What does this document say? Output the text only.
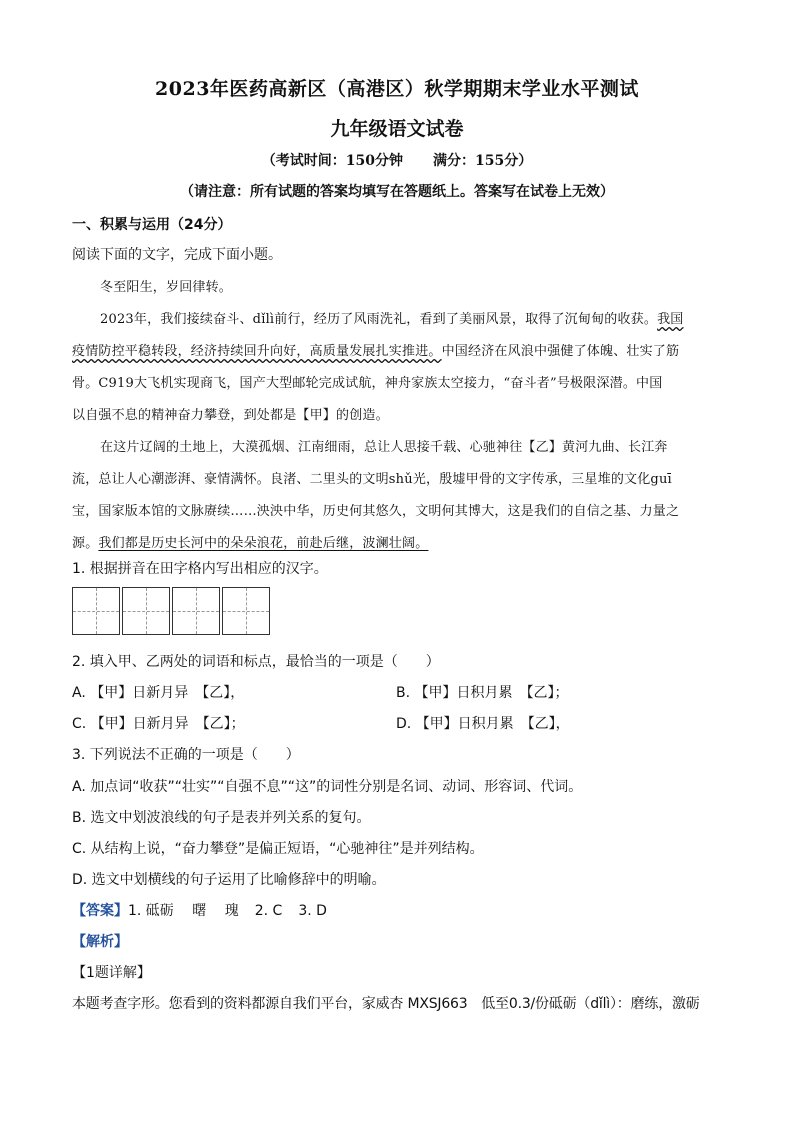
2023年医药高新区（高港区）秋学期期末学业水平测试
九年级语文试卷
（考试时间：150分钟 满分：155分）
（请注意：所有试题的答案均填写在答题纸上。答案写在试卷上无效）
一、积累与运用（24分）
阅读下面的文字，完成下面小题。
冬至阳生，岁回律转。
2023年，我们接续奋斗、dǐlì前行，经历了风雨洗礼，看到了美丽风景，取得了沉甸甸的收获。我国
疫情防控平稳转段，经济持续回升向好，高质量发展扎实推进。中国经济在风浪中强健了体魄、壮实了筋
骨。C919大飞机实现商飞，国产大型邮轮完成试航，神舟家族太空接力，“奋斗者”号极限深潜。中国
以自强不息的精神奋力攀登，到处都是【甲】的创造。
在这片辽阔的土地上，大漠孤烟、江南细雨，总让人思接千载、心驰神往【乙】黄河九曲、长江奔
流，总让人心潮澎湃、豪情满怀。良渚、二里头的文明shǔ光，殷墟甲骨的文字传承，三星堆的文化guī
宝，国家版本馆的文脉赓续……泱泱中华，历史何其悠久，文明何其博大，这是我们的自信之基、力量之
源。我们都是历史长河中的朵朵浪花，前赴后继，波澜壮阔。
1. 根据拼音在田字格内写出相应的汉字。
2. 填入甲、乙两处的词语和标点，最恰当的一项是（　　）
A. 【甲】日新月异　【乙】，	B. 【甲】日积月累　【乙】；
C. 【甲】日新月异　【乙】；	D. 【甲】日积月累　【乙】，
3. 下列说法不正确的一项是（　　）
A. 加点词“收获”“壮实”“自强不息”“这”的词性分别是名词、动词、形容词、代词。
B. 选文中划波浪线的句子是表并列关系的复句。
C. 从结构上说，“奋力攀登”是偏正短语，“心驰神往”是并列结构。
D. 选文中划横线的句子运用了比喻修辞中的明喻。
【答案】1. 砥砺　 曙　 瑰 2. C 3. D
【解析】
【1题详解】
本题考查字形。您看到的资料都源自我们平台，家威杏 MXSJ663　低至0.3/份砥砺（dǐlì）：磨练，激砺
